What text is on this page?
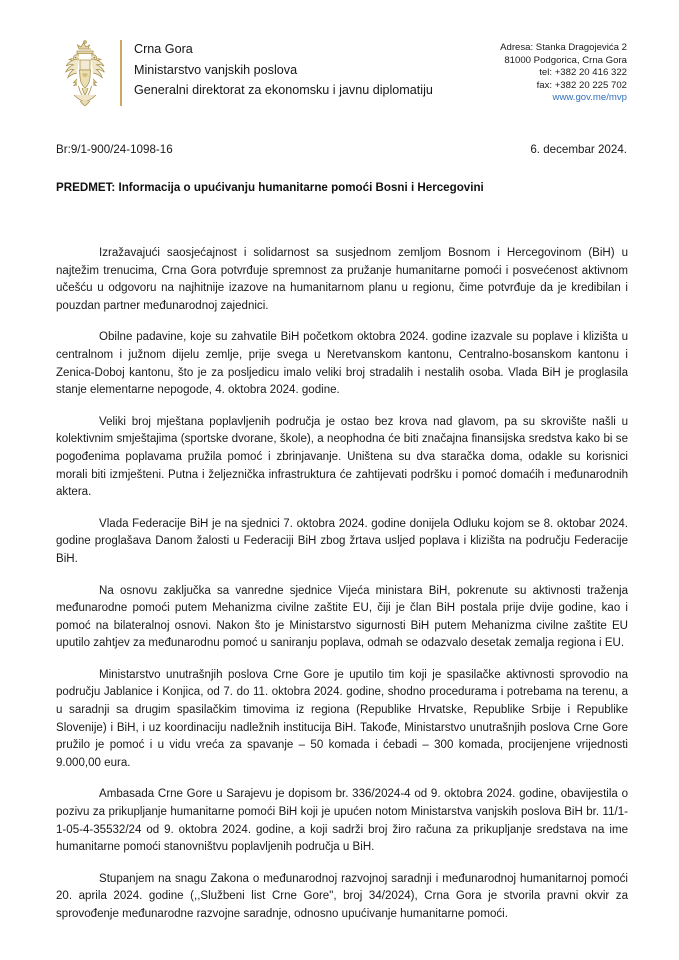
Crna Gora
Ministarstvo vanjskih poslova
Generalni direktorat za ekonomsku i javnu diplomatiju
Adresa: Stanka Dragojevića 2
81000 Podgorica, Crna Gora
tel: +382 20 416 322
fax: +382 20 225 702
www.gov.me/mvp
Br:9/1-900/24-1098-16	6. decembar 2024.
PREDMET: Informacija o upućivanju humanitarne pomoći Bosni i Hercegovini

Izražavajući saosjećajnost i solidarnost sa susjednom zemljom Bosnom i Hercegovinom (BiH) u najtežim trenucima, Crna Gora potvrđuje spremnost za pružanje humanitarne pomoći i posvećenost aktivnom učešću u odgovoru na najhitnije izazove na humanitarnom planu u regionu, čime potvrđuje da je kredibilan i pouzdan partner međunarodnoj zajednici.

Obilne padavine, koje su zahvatile BiH početkom oktobra 2024. godine izazvale su poplave i klizišta u centralnom i južnom dijelu zemlje, prije svega u Neretvanskom kantonu, Centralno-bosanskom kantonu i Zenica-Doboj kantonu, što je za posljedicu imalo veliki broj stradalih i nestalih osoba. Vlada BiH je proglasila stanje elementarne nepogode, 4. oktobra 2024. godine.

Veliki broj mještana poplavljenih područja je ostao bez krova nad glavom, pa su skrovište našli u kolektivnim smještajima (sportske dvorane, škole), a neophodna će biti značajna finansijska sredstva kako bi se pogođenima poplavama pružila pomoć i zbrinjavanje. Uništena su dva staračka doma, odakle su korisnici morali biti izmješteni. Putna i željeznička infrastruktura će zahtijevati podršku i pomoć domaćih i međunarodnih aktera.

Vlada Federacije BiH je na sjednici 7. oktobra 2024. godine donijela Odluku kojom se 8. oktobar 2024. godine proglašava Danom žalosti u Federaciji BiH zbog žrtava usljed poplava i klizišta na području Federacije BiH.

Na osnovu zaključka sa vanredne sjednice Vijeća ministara BiH, pokrenute su aktivnosti traženja međunarodne pomoći putem Mehanizma civilne zaštite EU, čiji je član BiH postala prije dvije godine, kao i pomoć na bilateralnoj osnovi. Nakon što je Ministarstvo sigurnosti BiH putem Mehanizma civilne zaštite EU uputilo zahtjev za međunarodnu pomoć u saniranju poplava, odmah se odazvalo desetak zemalja regiona i EU.

Ministarstvo unutrašnjih poslova Crne Gore je uputilo tim koji je spasilačke aktivnosti sprovodio na području Jablanice i Konjica, od 7. do 11. oktobra 2024. godine, shodno procedurama i potrebama na terenu, a u saradnji sa drugim spasilačkim timovima iz regiona (Republike Hrvatske, Republike Srbije i Republike Slovenije) i BiH, i uz koordinaciju nadležnih institucija BiH. Takođe, Ministarstvo unutrašnjih poslova Crne Gore pružilo je pomoć i u vidu vreća za spavanje – 50 komada i ćebadi – 300 komada, procijenjene vrijednosti 9.000,00 eura.

Ambasada Crne Gore u Sarajevu je dopisom br. 336/2024-4 od 9. oktobra 2024. godine, obavijestila o pozivu za prikupljanje humanitarne pomoći BiH koji je upućen notom Ministarstva vanjskih poslova BiH br. 11/1-1-05-4-35532/24 od 9. oktobra 2024. godine, a koji sadrži broj žiro računa za prikupljanje sredstava na ime humanitarne pomoći stanovništvu poplavljenih područja u BiH.

Stupanjem na snagu Zakona o međunarodnoj razvojnoj saradnji i međunarodnoj humanitarnoj pomoći 20. aprila 2024. godine (,,Službeni list Crne Gore", broj 34/2024), Crna Gora je stvorila pravni okvir za sprovođenje međunarodne razvojne saradnje, odnosno upućivanje humanitarne pomoći.
